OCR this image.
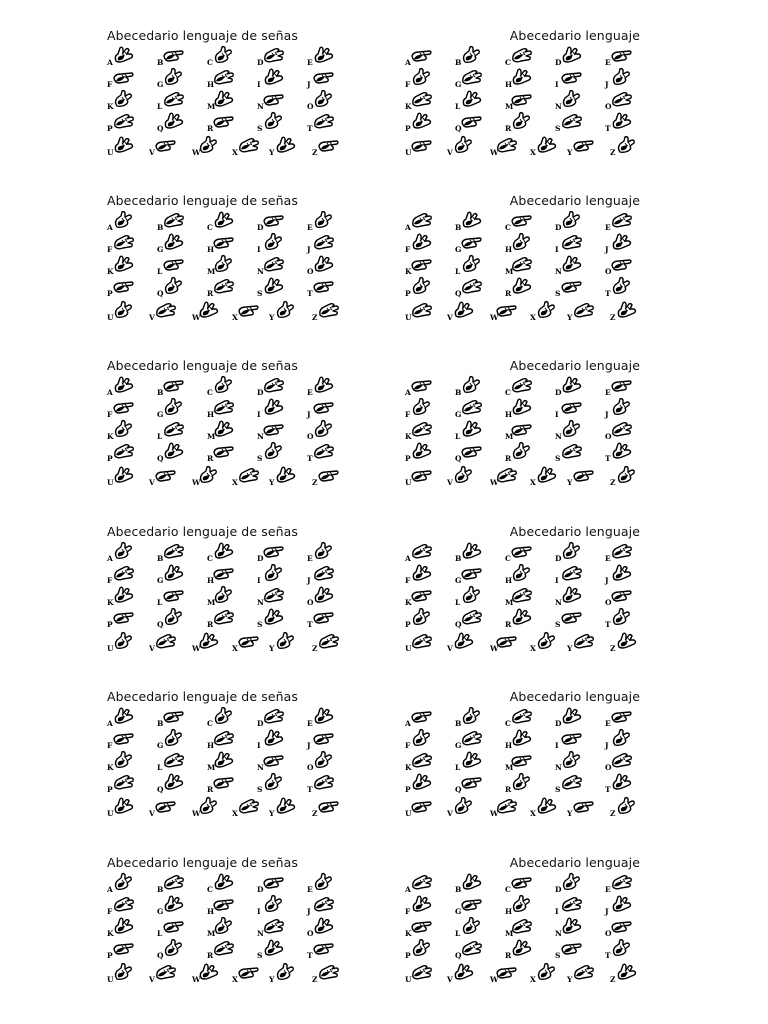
Abecedario lenguaje de señas
A	B	C	D	E
F	G	H	I	J
K	L	M	N	O
P	Q	R	S	T
U	V	W	X	Y	Z
Abecedario lenguaje
A	B	C	D	E
F	G	H	I	J
K	L	M	N	O
P	Q	R	S	T
U	V	W	X	Y	Z
Abecedario lenguaje de señas
A	B	C	D	E
F	G	H	I	J
K	L	M	N	O
P	Q	R	S	T
U	V	W	X	Y	Z
Abecedario lenguaje
A	B	C	D	E
F	G	H	I	J
K	L	M	N	O
P	Q	R	S	T
U	V	W	X	Y	Z
Abecedario lenguaje de señas
A	B	C	D	E
F	G	H	I	J
K	L	M	N	O
P	Q	R	S	T
U	V	W	X	Y	Z
Abecedario lenguaje
A	B	C	D	E
F	G	H	I	J
K	L	M	N	O
P	Q	R	S	T
U	V	W	X	Y	Z
Abecedario lenguaje de señas
A	B	C	D	E
F	G	H	I	J
K	L	M	N	O
P	Q	R	S	T
U	V	W	X	Y	Z
Abecedario lenguaje
A	B	C	D	E
F	G	H	I	J
K	L	M	N	O
P	Q	R	S	T
U	V	W	X	Y	Z
Abecedario lenguaje de señas
A	B	C	D	E
F	G	H	I	J
K	L	M	N	O
P	Q	R	S	T
U	V	W	X	Y	Z
Abecedario lenguaje
A	B	C	D	E
F	G	H	I	J
K	L	M	N	O
P	Q	R	S	T
U	V	W	X	Y	Z
Abecedario lenguaje de señas
A	B	C	D	E
F	G	H	I	J
K	L	M	N	O
P	Q	R	S	T
U	V	W	X	Y	Z
Abecedario lenguaje
A	B	C	D	E
F	G	H	I	J
K	L	M	N	O
P	Q	R	S	T
U	V	W	X	Y	Z
